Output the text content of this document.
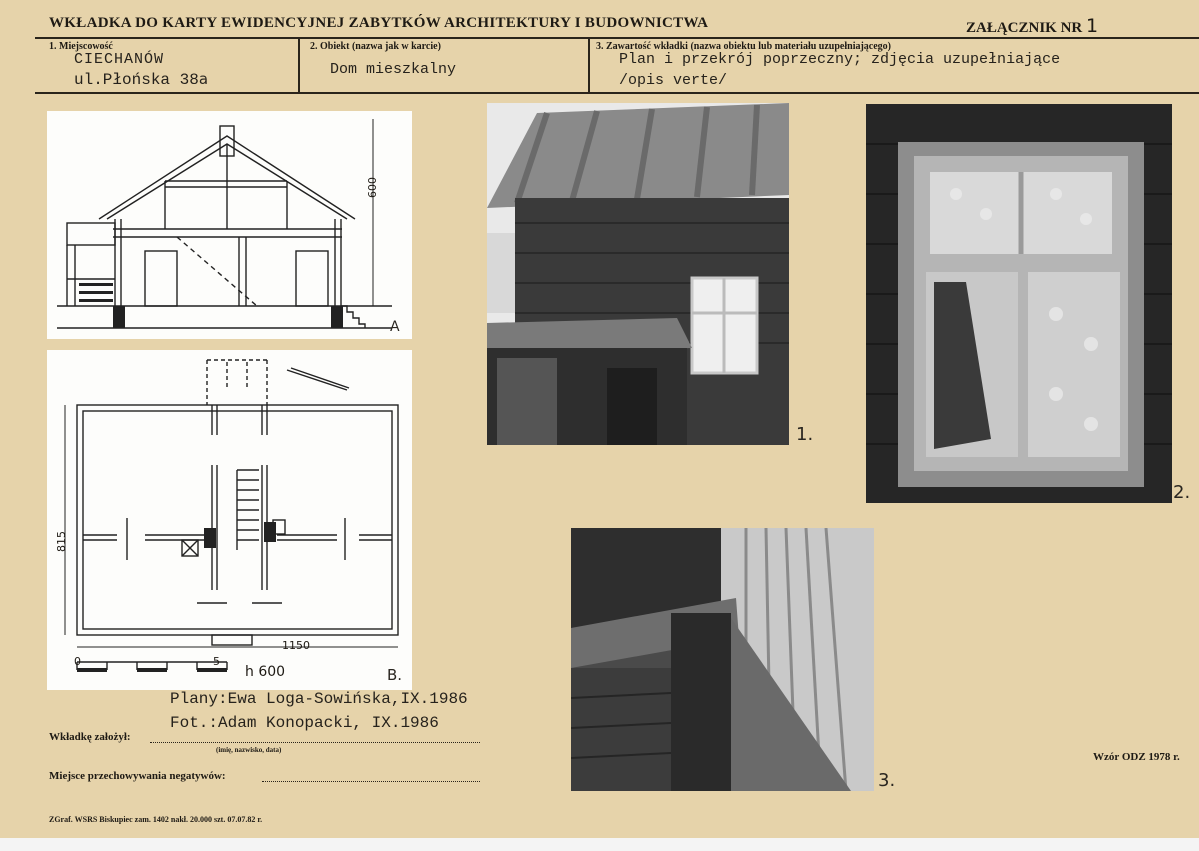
WKŁADKA DO KARTY EWIDENCYJNEJ ZABYTKÓW ARCHITEKTURY I BUDOWNICTWA	ZAŁĄCZNIK NR 1
1. Miejscowość
CIECHANÓW
ul.Płońska 38a
2. Obiekt (nazwa jak w karcie)
Dom mieszkalny
3. Zawartość wkładki (nazwa obiektu lub materiału uzupełniającego)
Plan i przekrój poprzeczny; zdjęcia uzupełniające
/opis verte/
600
A
815
1150
0	5
h 600	B.
1.
2.
3.
Plany:Ewa Loga-Sowińska,IX.1986
Fot.:Adam Konopacki, IX.1986
Wkładkę założył:
(imię, nazwisko, data)
Miejsce przechowywania negatywów:
Wzór ODZ 1978 r.
ZGraf. WSRS Biskupiec zam. 1402 nakł. 20.000 szt. 07.07.82 r.
